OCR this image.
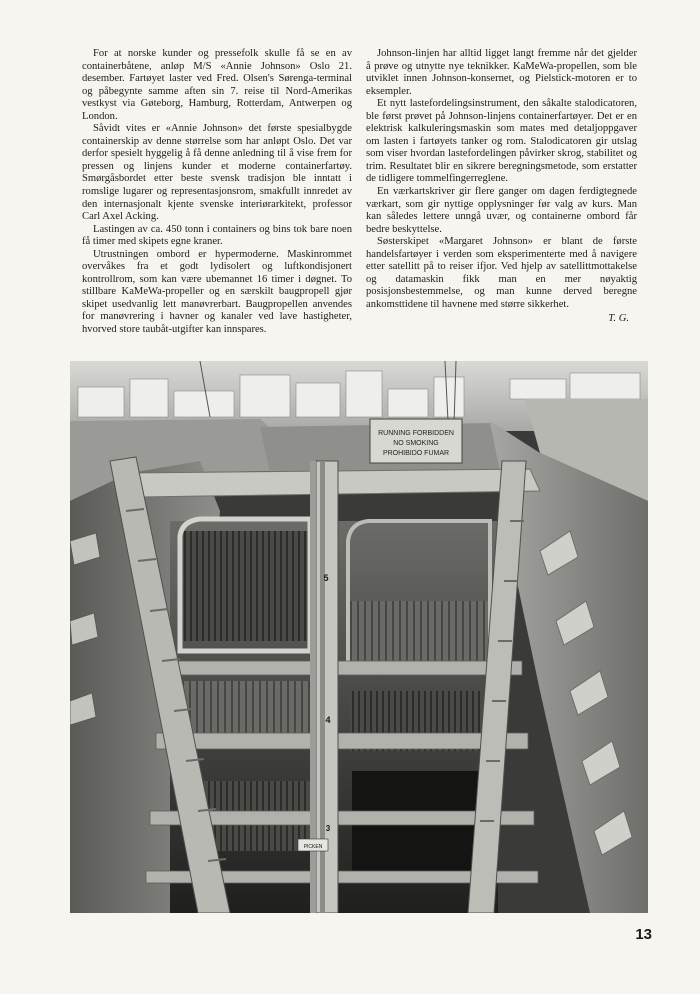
For at norske kunder og pressefolk skulle få se en av containerbåtene, anløp M/S «Annie Johnson» Oslo 21. desember. Fartøyet laster ved Fred. Olsen's Sørenga-terminal og påbegynte samme aften sin 7. reise til Nord-Amerikas vestkyst via Gøteborg, Hamburg, Rotterdam, Antwerpen og London.

Såvidt vites er «Annie Johnson» det første spesialbygde containerskip av denne størrelse som har anløpt Oslo. Det var derfor spesielt hyggelig å få denne anledning til å vise frem for pressen og linjens kunder et moderne containerfartøy. Smørgåsbordet etter beste svensk tradisjon ble inntatt i romslige lugarer og representasjonsrom, smakfullt innredet av den internasjonalt kjente svenske interiørarkitekt, professor Carl Axel Acking.

Lastingen av ca. 450 tonn i containers og bins tok bare noen få timer med skipets egne kraner.

Utrustningen ombord er hypermoderne. Maskinrommet overvåkes fra et godt lydisolert og luftkondisjonert kontrollrom, som kan være ubemannet 16 timer i døgnet. To stillbare KaMeWa-propeller og en særskilt baugpropell gjør skipet usedvanlig lett manøvrerbart. Baugpropellen anvendes for manøvrering i havner og kanaler ved lave hastigheter, hvorved store taubåt-utgifter kan innspares.

Johnson-linjen har alltid ligget langt fremme når det gjelder å prøve og utnytte nye teknikker. KaMeWa-propellen, som ble utviklet innen Johnson-konsernet, og Pielstick-motoren er to eksempler.

Et nytt lastefordelingsinstrument, den såkalte stalodicatoren, ble først prøvet på Johnson-linjens containerfartøyer. Det er en elektrisk kalkuleringsmaskin som mates med detaljoppgaver om lasten i fartøyets tanker og rom. Stalodicatoren gir utslag som viser hvordan lastefordelingen påvirker skrog, stabilitet og trim. Resultatet blir en sikrere beregningsmetode, som erstatter de tidligere tommelfingerreglene.

En værkartskriver gir flere ganger om dagen ferdigtegnede værkart, som gir nyttige opplysninger før valg av kurs. Man kan således lettere unngå uvær, og containerne ombord får bedre beskyttelse.

Søsterskipet «Margaret Johnson» er blant de første handelsfartøyer i verden som eksperimenterte med å navigere etter satellitt på to reiser ifjor. Ved hjelp av satellittmottakelse og datamaskin fikk man en mer nøyaktig posisjonsbestemmelse, og man kunne derved beregne ankomsttidene til havnene med større sikkerhet.

T. G.
RUNNING FORBIDDEN
NO SMOKING
PROHIBIDO FUMAR
5
4
3
PICKEN
13
